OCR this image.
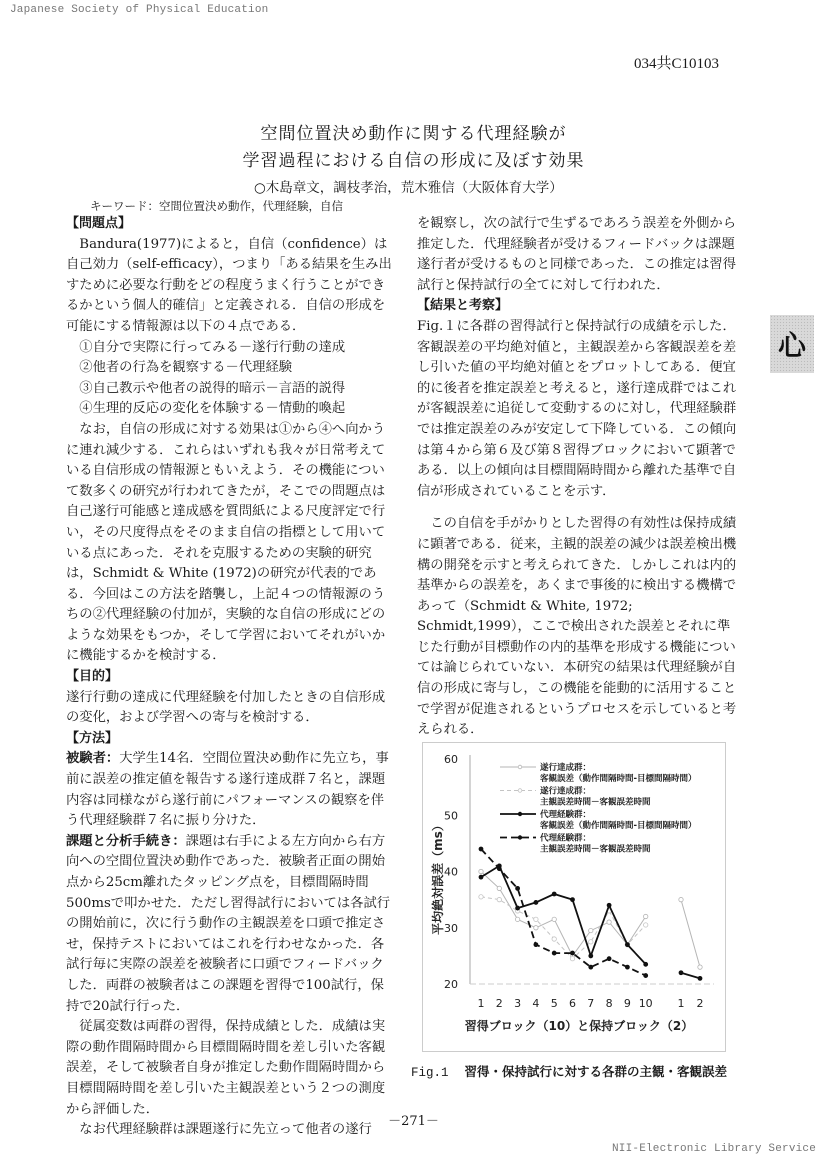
Japanese Society of Physical Education
034共C10103
空間位置決め動作に関する代理経験が
学習過程における自信の形成に及ぼす効果
○木島章文，調枝孝治，荒木雅信（大阪体育大学）
キーワード：空間位置決め動作，代理経験，自信
心

【問題点】

Bandura(1977)によると，自信（confidence）は自己効力（self-efficacy），つまり「ある結果を生み出すために必要な行動をどの程度うまく行うことができるかという個人的確信」と定義される．自信の形成を可能にする情報源は以下の４点である．

①自分で実際に行ってみる－遂行行動の達成

②他者の行為を観察する－代理経験

③自己教示や他者の説得的暗示－言語的説得

④生理的反応の変化を体験する－情動的喚起

なお，自信の形成に対する効果は①から④へ向かうに連れ減少する．これらはいずれも我々が日常考えている自信形成の情報源ともいえよう．その機能について数多くの研究が行われてきたが，そこでの問題点は自己遂行可能感と達成感を質問紙による尺度評定で行い，その尺度得点をそのまま自信の指標として用いている点にあった．それを克服するための実験的研究は，Schmidt & White (1972)の研究が代表的である．今回はこの方法を踏襲し，上記４つの情報源のうちの②代理経験の付加が，実験的な自信の形成にどのような効果をもつか，そして学習においてそれがいかに機能するかを検討する．

【目的】

遂行行動の達成に代理経験を付加したときの自信形成の変化，および学習への寄与を検討する．

【方法】

被験者：大学生14名．空間位置決め動作に先立ち，事前に誤差の推定値を報告する遂行達成群７名と，課題内容は同様ながら遂行前にパフォーマンスの観察を伴う代理経験群７名に振り分けた．

課題と分析手続き：課題は右手による左方向から右方向への空間位置決め動作であった．被験者正面の開始点から25cm離れたタッピング点を，目標間隔時間 500msで叩かせた．ただし習得試行においては各試行の開始前に，次に行う動作の主観誤差を口頭で推定させ，保持テストにおいてはこれを行わせなかった．各試行毎に実際の誤差を被験者に口頭でフィードバックした．両群の被験者はこの課題を習得で100試行，保持で20試行行った．

従属変数は両群の習得，保持成績とした．成績は実際の動作間隔時間から目標間隔時間を差し引いた客観誤差，そして被験者自身が推定した動作間隔時間から目標間隔時間を差し引いた主観誤差という２つの測度から評価した．

なお代理経験群は課題遂行に先立って他者の遂行

を観察し，次の試行で生ずるであろう誤差を外側から推定した．代理経験者が受けるフィードバックは課題遂行者が受けるものと同様であった．この推定は習得試行と保持試行の全てに対して行われた．

【結果と考察】

Fig.１に各群の習得試行と保持試行の成績を示した．客観誤差の平均絶対値と，主観誤差から客観誤差を差し引いた値の平均絶対値とをプロットしてある．便宜的に後者を推定誤差と考えると，遂行達成群ではこれが客観誤差に追従して変動するのに対し，代理経験群では推定誤差のみが安定して下降している．この傾向は第４から第６及び第８習得ブロックにおいて顕著である．以上の傾向は目標間隔時間から離れた基準で自信が形成されていることを示す．

この自信を手がかりとした習得の有効性は保持成績に顕著である．従来，主観的誤差の減少は誤差検出機構の開発を示すと考えられてきた．しかしこれは内的基準からの誤差を，あくまで事後的に検出する機構であって（Schmidt & White, 1972; Schmidt,1999），ここで検出された誤差とそれに準じた行動が目標動作の内的基準を形成する機能については論じられていない．本研究の結果は代理経験が自信の形成に寄与し，この機能を能動的に活用することで学習が促進されるというプロセスを示していると考えられる．

20
30
40
50
60
1 2 3 4 5 6 7 8 9 10 1 2
遂行達成群：
客観誤差（動作間隔時間-目標間隔時間）
遂行達成群：
主観誤差時間－客観誤差時間
代理経験群：
客観誤差（動作間隔時間-目標間隔時間）
代理経験群：
主観誤差時間－客観誤差時間
平均絶対誤差（ms）
習得ブロック（10）と保持ブロック（2）
Fig.1 習得・保持試行に対する各群の主観・客観誤差
－271－
NII-Electronic Library Service
